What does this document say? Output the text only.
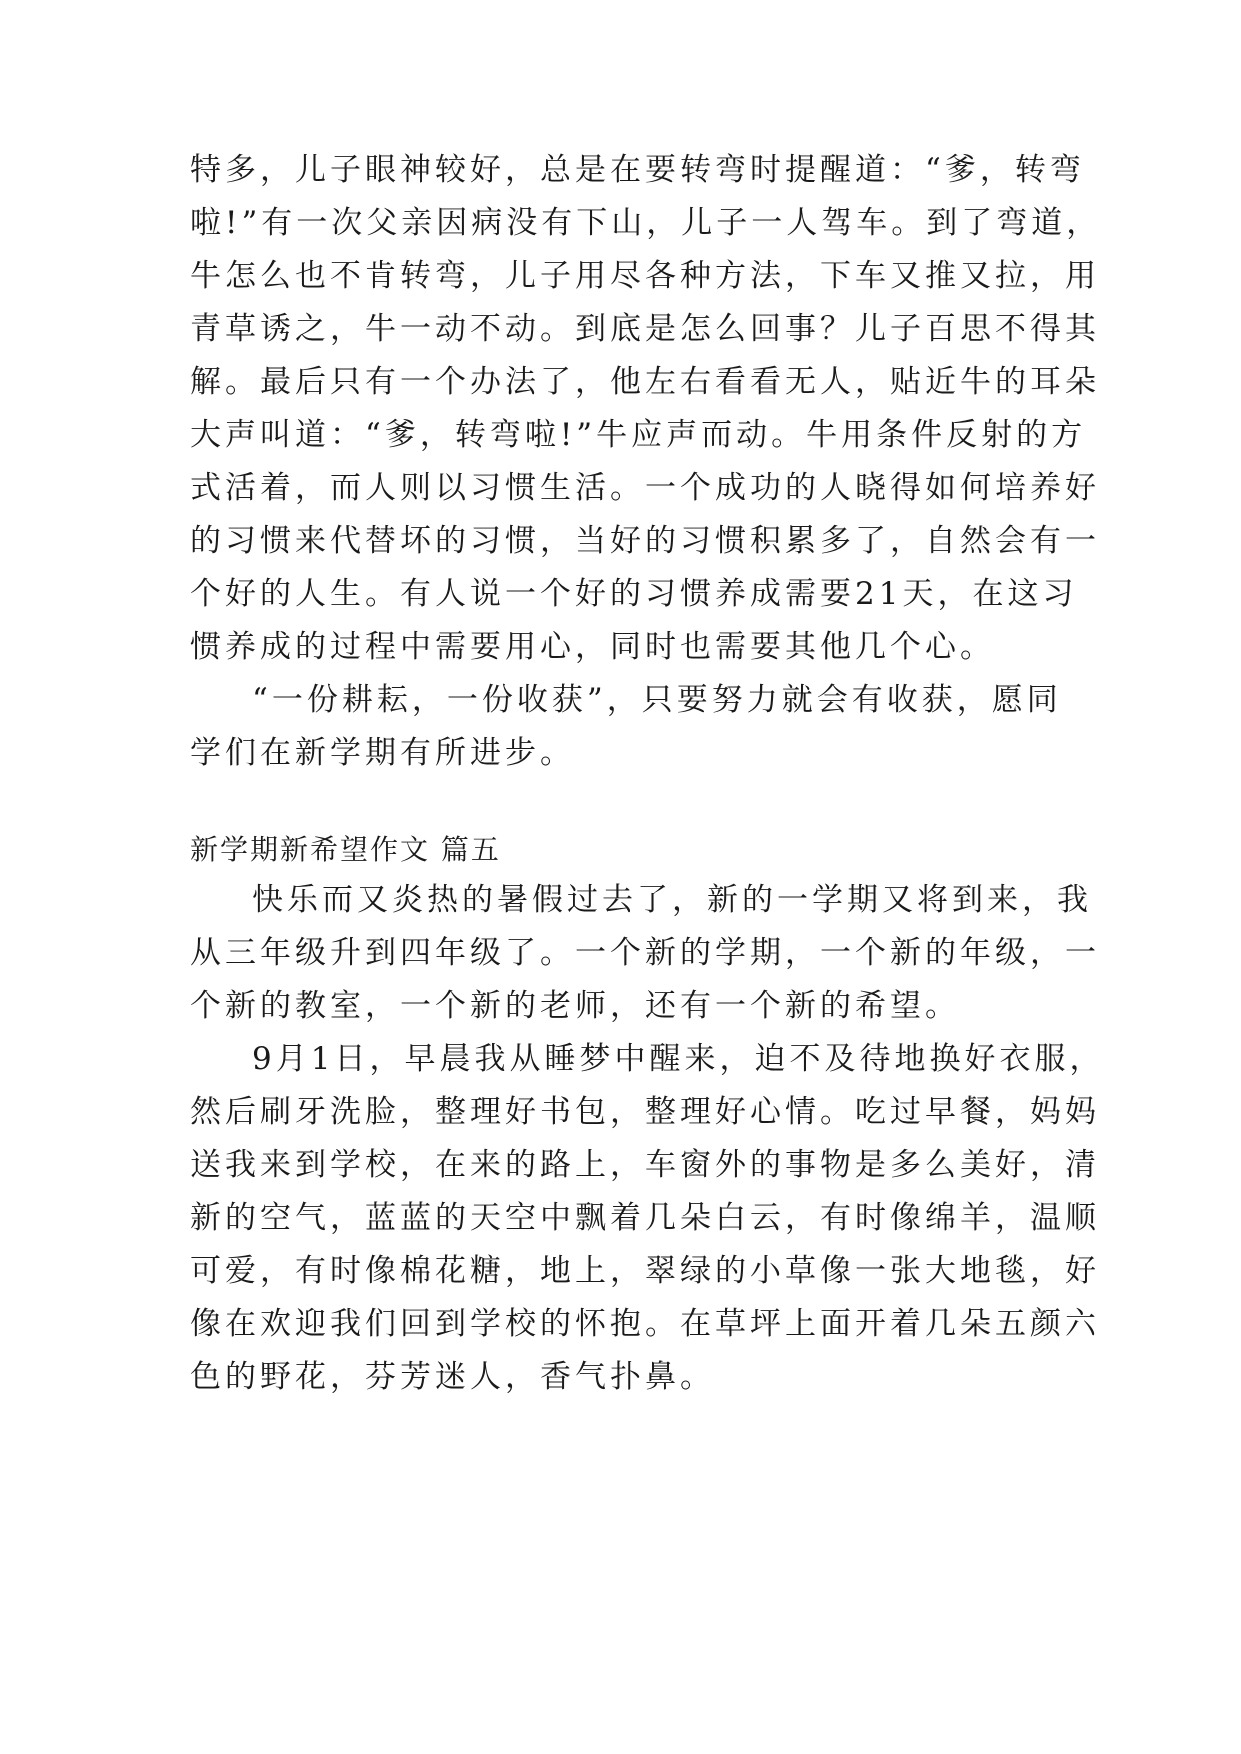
特多，儿子眼神较好，总是在要转弯时提醒道：“爹，转弯
啦!”有一次父亲因病没有下山，儿子一人驾车。到了弯道，
牛怎么也不肯转弯，儿子用尽各种方法，下车又推又拉，用
青草诱之，牛一动不动。到底是怎么回事？儿子百思不得其
解。最后只有一个办法了，他左右看看无人，贴近牛的耳朵
大声叫道：“爹，转弯啦!”牛应声而动。牛用条件反射的方
式活着，而人则以习惯生活。一个成功的人晓得如何培养好
的习惯来代替坏的习惯，当好的习惯积累多了，自然会有一
个好的人生。有人说一个好的习惯养成需要21天，在这习
惯养成的过程中需要用心，同时也需要其他几个心。
“一份耕耘，一份收获”，只要努力就会有收获，愿同
学们在新学期有所进步。
新学期新希望作文 篇五
快乐而又炎热的暑假过去了，新的一学期又将到来，我
从三年级升到四年级了。一个新的学期，一个新的年级，一
个新的教室，一个新的老师，还有一个新的希望。
9月1日，早晨我从睡梦中醒来，迫不及待地换好衣服，
然后刷牙洗脸，整理好书包，整理好心情。吃过早餐，妈妈
送我来到学校，在来的路上，车窗外的事物是多么美好，清
新的空气，蓝蓝的天空中飘着几朵白云，有时像绵羊，温顺
可爱，有时像棉花糖，地上，翠绿的小草像一张大地毯，好
像在欢迎我们回到学校的怀抱。在草坪上面开着几朵五颜六
色的野花，芬芳迷人，香气扑鼻。
